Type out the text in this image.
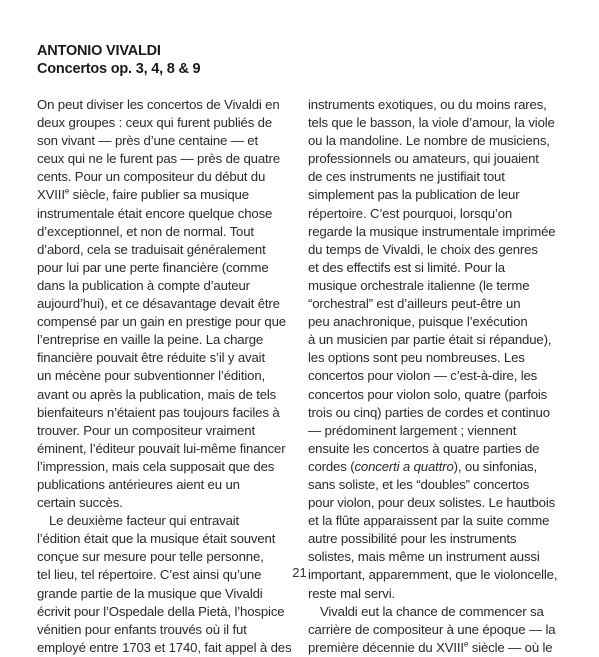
ANTONIO VIVALDI
Concertos op. 3, 4, 8 & 9
On peut diviser les concertos de Vivaldi en
deux groupes : ceux qui furent publiés de
son vivant — près d’une centaine — et
ceux qui ne le furent pas — près de quatre
cents. Pour un compositeur du début du
XVIIIe siècle, faire publier sa musique
instrumentale était encore quelque chose
d’exceptionnel, et non de normal. Tout
d’abord, cela se traduisait généralement
pour lui par une perte financière (comme
dans la publication à compte d’auteur
aujourd’hui), et ce désavantage devait être
compensé par un gain en prestige pour que
l’entreprise en vaille la peine. La charge
financière pouvait être réduite s’il y avait
un mécène pour subventionner l’édition,
avant ou après la publication, mais de tels
bienfaiteurs n’étaient pas toujours faciles à
trouver. Pour un compositeur vraiment
éminent, l’éditeur pouvait lui-même financer
l’impression, mais cela supposait que des
publications antérieures aient eu un
certain succès.
Le deuxième facteur qui entravait
l’édition était que la musique était souvent
conçue sur mesure pour telle personne,
tel lieu, tel répertoire. C’est ainsi qu’une
grande partie de la musique que Vivaldi
écrivit pour l’Ospedale della Pietà, l’hospice
vénitien pour enfants trouvés où il fut
employé entre 1703 et 1740, fait appel à des
instruments exotiques, ou du moins rares,
tels que le basson, la viole d’amour, la viole
ou la mandoline. Le nombre de musiciens,
professionnels ou amateurs, qui jouaient
de ces instruments ne justifiait tout
simplement pas la publication de leur
répertoire. C’est pourquoi, lorsqu’on
regarde la musique instrumentale imprimée
du temps de Vivaldi, le choix des genres
et des effectifs est si limité. Pour la
musique orchestrale italienne (le terme
“orchestral” est d’ailleurs peut-être un
peu anachronique, puisque l’exécution
à un musicien par partie était si répandue),
les options sont peu nombreuses. Les
concertos pour violon — c’est-à-dire, les
concertos pour violon solo, quatre (parfois
trois ou cinq) parties de cordes et continuo
— prédominent largement ; viennent
ensuite les concertos à quatre parties de
cordes (concerti a quattro), ou sinfonias,
sans soliste, et les “doubles” concertos
pour violon, pour deux solistes. Le hautbois
et la flûte apparaissent par la suite comme
autre possibilité pour les instruments
solistes, mais même un instrument aussi
important, apparemment, que le violoncelle,
reste mal servi.
Vivaldi eut la chance de commencer sa
carrière de compositeur à une époque — la
première décennie du XVIIIe siècle — où le
21
